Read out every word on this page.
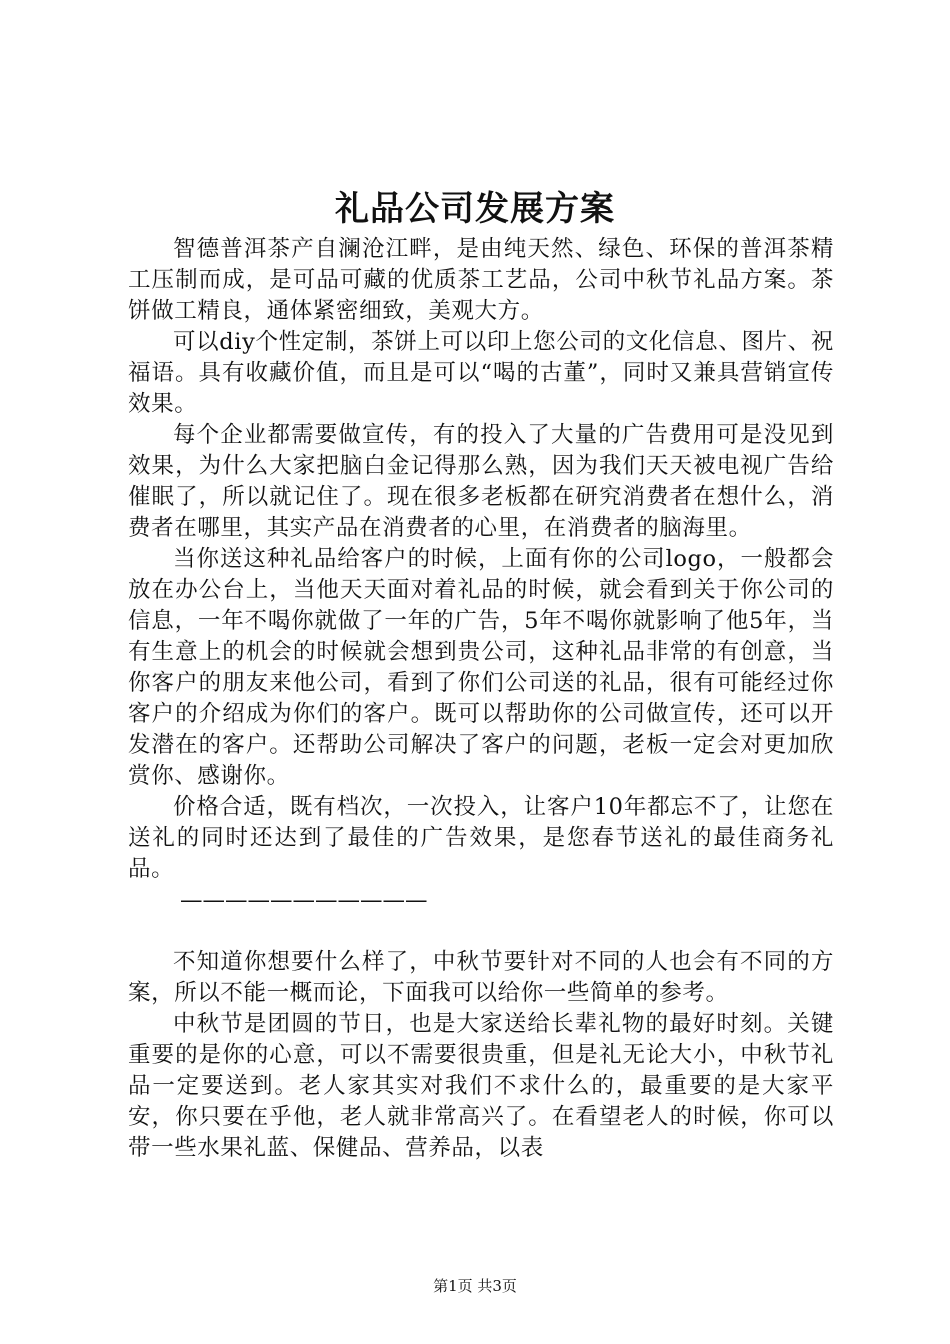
礼品公司发展方案

智德普洱茶产自澜沧江畔，是由纯天然、绿色、环保的普洱茶精工压制而成，是可品可藏的优质茶工艺品，公司中秋节礼品方案。茶饼做工精良，通体紧密细致，美观大方。

可以diy个性定制，茶饼上可以印上您公司的文化信息、图片、祝福语。具有收藏价值，而且是可以“喝的古董”，同时又兼具营销宣传效果。

每个企业都需要做宣传，有的投入了大量的广告费用可是没见到效果，为什么大家把脑白金记得那么熟，因为我们天天被电视广告给催眠了，所以就记住了。现在很多老板都在研究消费者在想什么，消费者在哪里，其实产品在消费者的心里，在消费者的脑海里。

当你送这种礼品给客户的时候，上面有你的公司logo，一般都会放在办公台上，当他天天面对着礼品的时候，就会看到关于你公司的信息，一年不喝你就做了一年的广告，5年不喝你就影响了他5年，当有生意上的机会的时候就会想到贵公司，这种礼品非常的有创意，当你客户的朋友来他公司，看到了你们公司送的礼品，很有可能经过你客户的介绍成为你们的客户。既可以帮助你的公司做宣传，还可以开发潜在的客户。还帮助公司解决了客户的问题，老板一定会对更加欣赏你、感谢你。

价格合适，既有档次，一次投入，让客户10年都忘不了，让您在送礼的同时还达到了最佳的广告效果，是您春节送礼的最佳商务礼品。

———————————

不知道你想要什么样了，中秋节要针对不同的人也会有不同的方案，所以不能一概而论，下面我可以给你一些简单的参考。

中秋节是团圆的节日，也是大家送给长辈礼物的最好时刻。关键重要的是你的心意，可以不需要很贵重，但是礼无论大小，中秋节礼品一定要送到。老人家其实对我们不求什么的，最重要的是大家平安，你只要在乎他，老人就非常高兴了。在看望老人的时候，你可以带一些水果礼蓝、保健品、营养品，以表

第1页 共3页
